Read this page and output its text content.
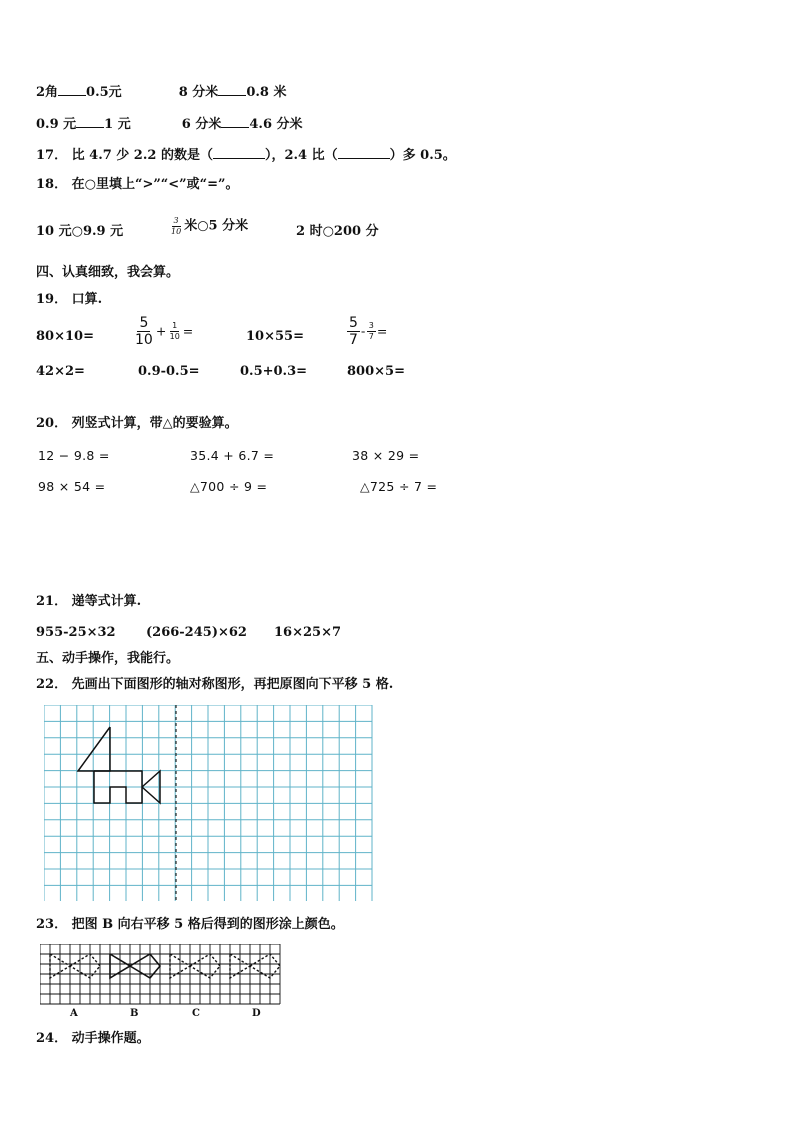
2角 0.5元	8 分米 0.8 米
0.9 元 1 元	6 分米 4.6 分米
17． 比 4.7 少 2.2 的数是（	），2.4 比（	）多 0.5。
18． 在○里填上“>”“<”或“=”。
10 元○9.9 元	$\frac{3}{10}$ 米○5 分米	2 时○200 分
四、认真细致，我会算。
19． 口算.
80×10=	$\frac{5}{10} + \frac{1}{10}$ =	10×55=	$\frac{5}{7} - \frac{3}{7}$ =
42×2=	0.9-0.5=	0.5+0.3=	800×5=
20． 列竖式计算，带△的要验算。
12 − 9.8 =	35.4 + 6.7 =	38 × 29 =
98 × 54 =	△700 ÷ 9 =	△725 ÷ 7 =
21． 递等式计算.
955-25×32 (266-245)×62 16×25×7
五、动手操作，我能行。
22． 先画出下面图形的轴对称图形，再把原图向下平移 5 格.
23． 把图 B 向右平移 5 格后得到的图形涂上颜色。
A	B	C	D
24． 动手操作题。
